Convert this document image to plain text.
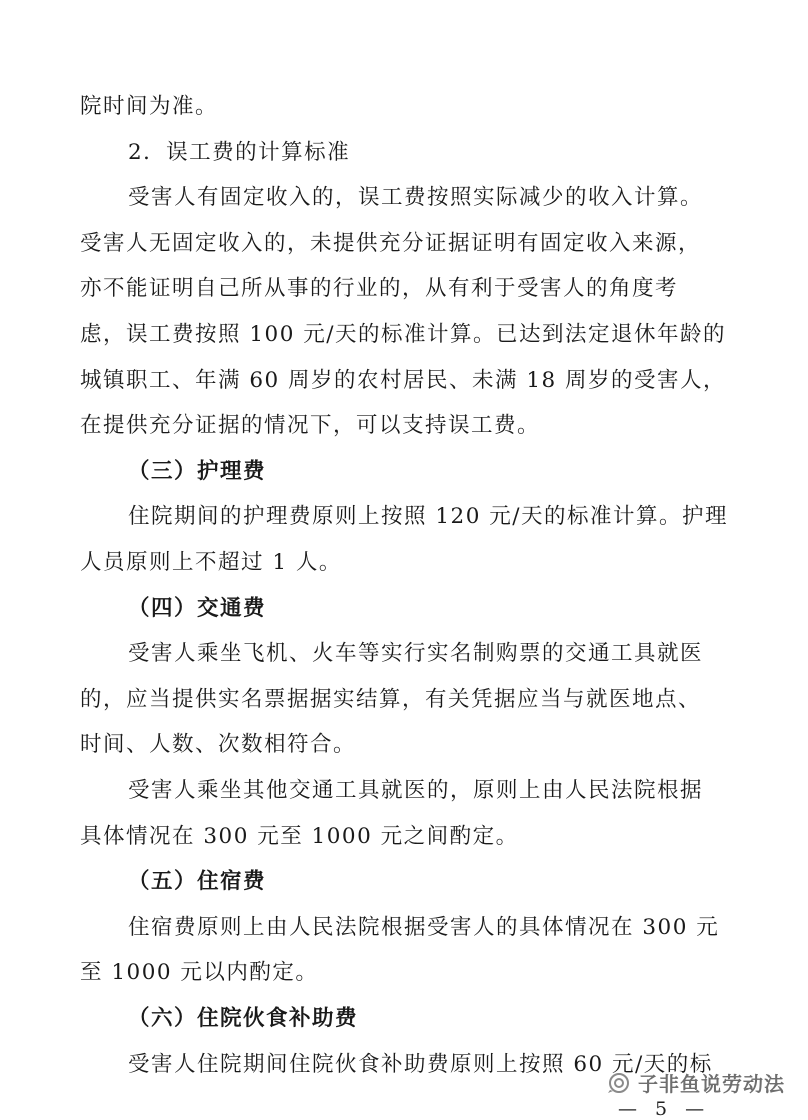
院时间为准。
2．误工费的计算标准
受害人有固定收入的，误工费按照实际减少的收入计算。
受害人无固定收入的，未提供充分证据证明有固定收入来源，
亦不能证明自己所从事的行业的，从有利于受害人的角度考
虑，误工费按照 100 元/天的标准计算。已达到法定退休年龄的
城镇职工、年满 60 周岁的农村居民、未满 18 周岁的受害人，
在提供充分证据的情况下，可以支持误工费。
（三）护理费
住院期间的护理费原则上按照 120 元/天的标准计算。护理
人员原则上不超过 1 人。
（四）交通费
受害人乘坐飞机、火车等实行实名制购票的交通工具就医
的，应当提供实名票据据实结算，有关凭据应当与就医地点、
时间、人数、次数相符合。
受害人乘坐其他交通工具就医的，原则上由人民法院根据
具体情况在 300 元至 1000 元之间酌定。
（五）住宿费
住宿费原则上由人民法院根据受害人的具体情况在 300 元
至 1000 元以内酌定。
（六）住院伙食补助费
受害人住院期间住院伙食补助费原则上按照 60 元/天的标
子非鱼说劳动法
— 5 —
